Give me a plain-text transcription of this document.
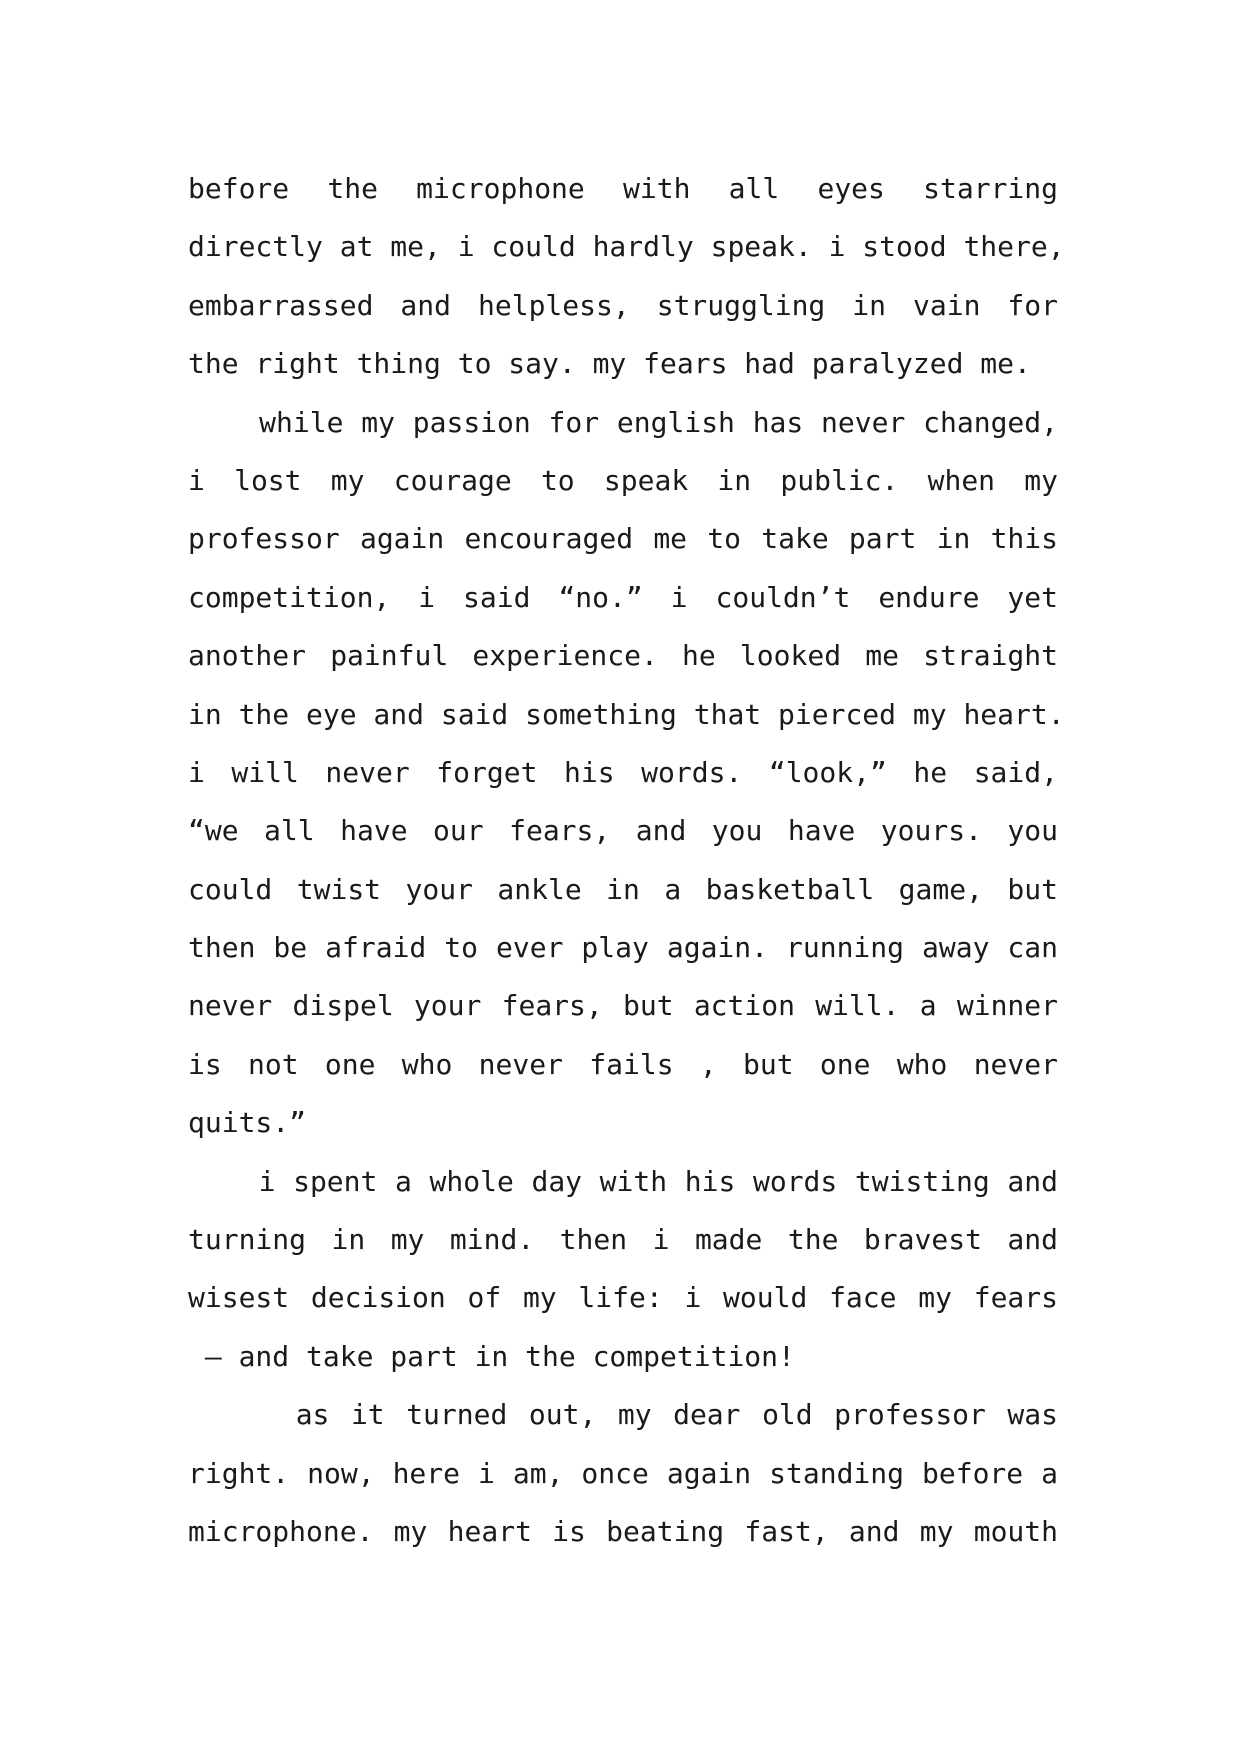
before the microphone with all eyes starring
directly at me, i could hardly speak. i stood there,
embarrassed and helpless, struggling in vain for
the right thing to say. my fears had paralyzed me.
while my passion for english has never changed,
i lost my courage to speak in public. when my
professor again encouraged me to take part in this
competition, i said “no.” i couldn’t endure yet
another painful experience. he looked me straight
in the eye and said something that pierced my heart.
i will never forget his words. “look,” he said,
“we all have our fears, and you have yours. you
could twist your ankle in a basketball game, but
then be afraid to ever play again. running away can
never dispel your fears, but action will. a winner
is not one who never fails , but one who never
quits.”
i spent a whole day with his words twisting and
turning in my mind. then i made the bravest and
wisest decision of my life: i would face my fears
– and take part in the competition!
as it turned out, my dear old professor was
right. now, here i am, once again standing before a
microphone. my heart is beating fast, and my mouth
